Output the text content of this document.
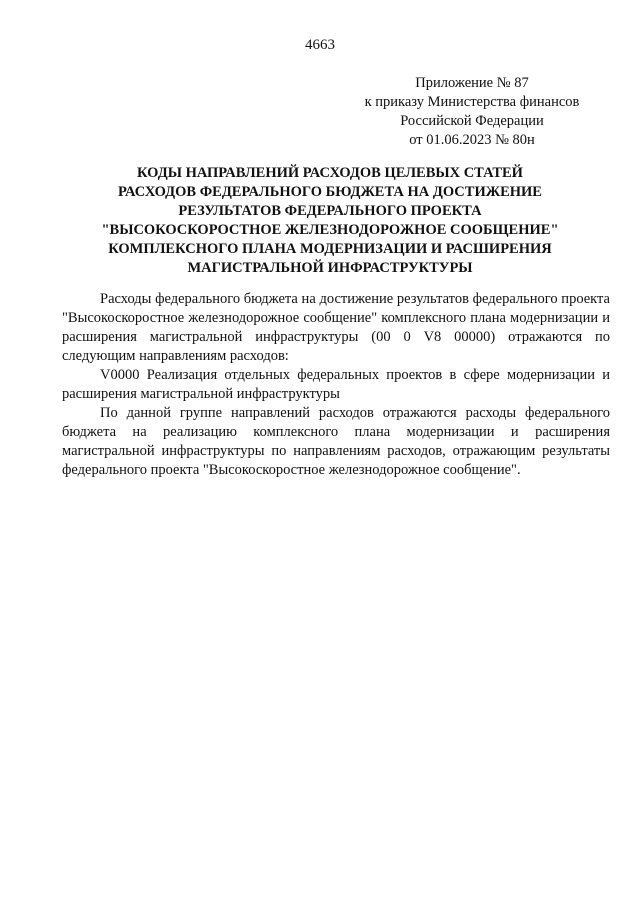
4663
Приложение № 87
к приказу Министерства финансов
Российской Федерации
от 01.06.2023 № 80н
КОДЫ НАПРАВЛЕНИЙ РАСХОДОВ ЦЕЛЕВЫХ СТАТЕЙ
РАСХОДОВ ФЕДЕРАЛЬНОГО БЮДЖЕТА НА ДОСТИЖЕНИЕ
РЕЗУЛЬТАТОВ ФЕДЕРАЛЬНОГО ПРОЕКТА
"ВЫСОКОСКОРОСТНОЕ ЖЕЛЕЗНОДОРОЖНОЕ СООБЩЕНИЕ"
КОМПЛЕКСНОГО ПЛАНА МОДЕРНИЗАЦИИ И РАСШИРЕНИЯ
МАГИСТРАЛЬНОЙ ИНФРАСТРУКТУРЫ

Расходы федерального бюджета на достижение результатов федерального проекта "Высокоскоростное железнодорожное сообщение" комплексного плана модернизации и расширения магистральной инфраструктуры (00 0 V8 00000) отражаются по следующим направлениям расходов:

V0000 Реализация отдельных федеральных проектов в сфере модернизации и расширения магистральной инфраструктуры

По данной группе направлений расходов отражаются расходы федерального бюджета на реализацию комплексного плана модернизации и расширения магистральной инфраструктуры по направлениям расходов, отражающим результаты федерального проекта "Высокоскоростное железнодорожное сообщение".
